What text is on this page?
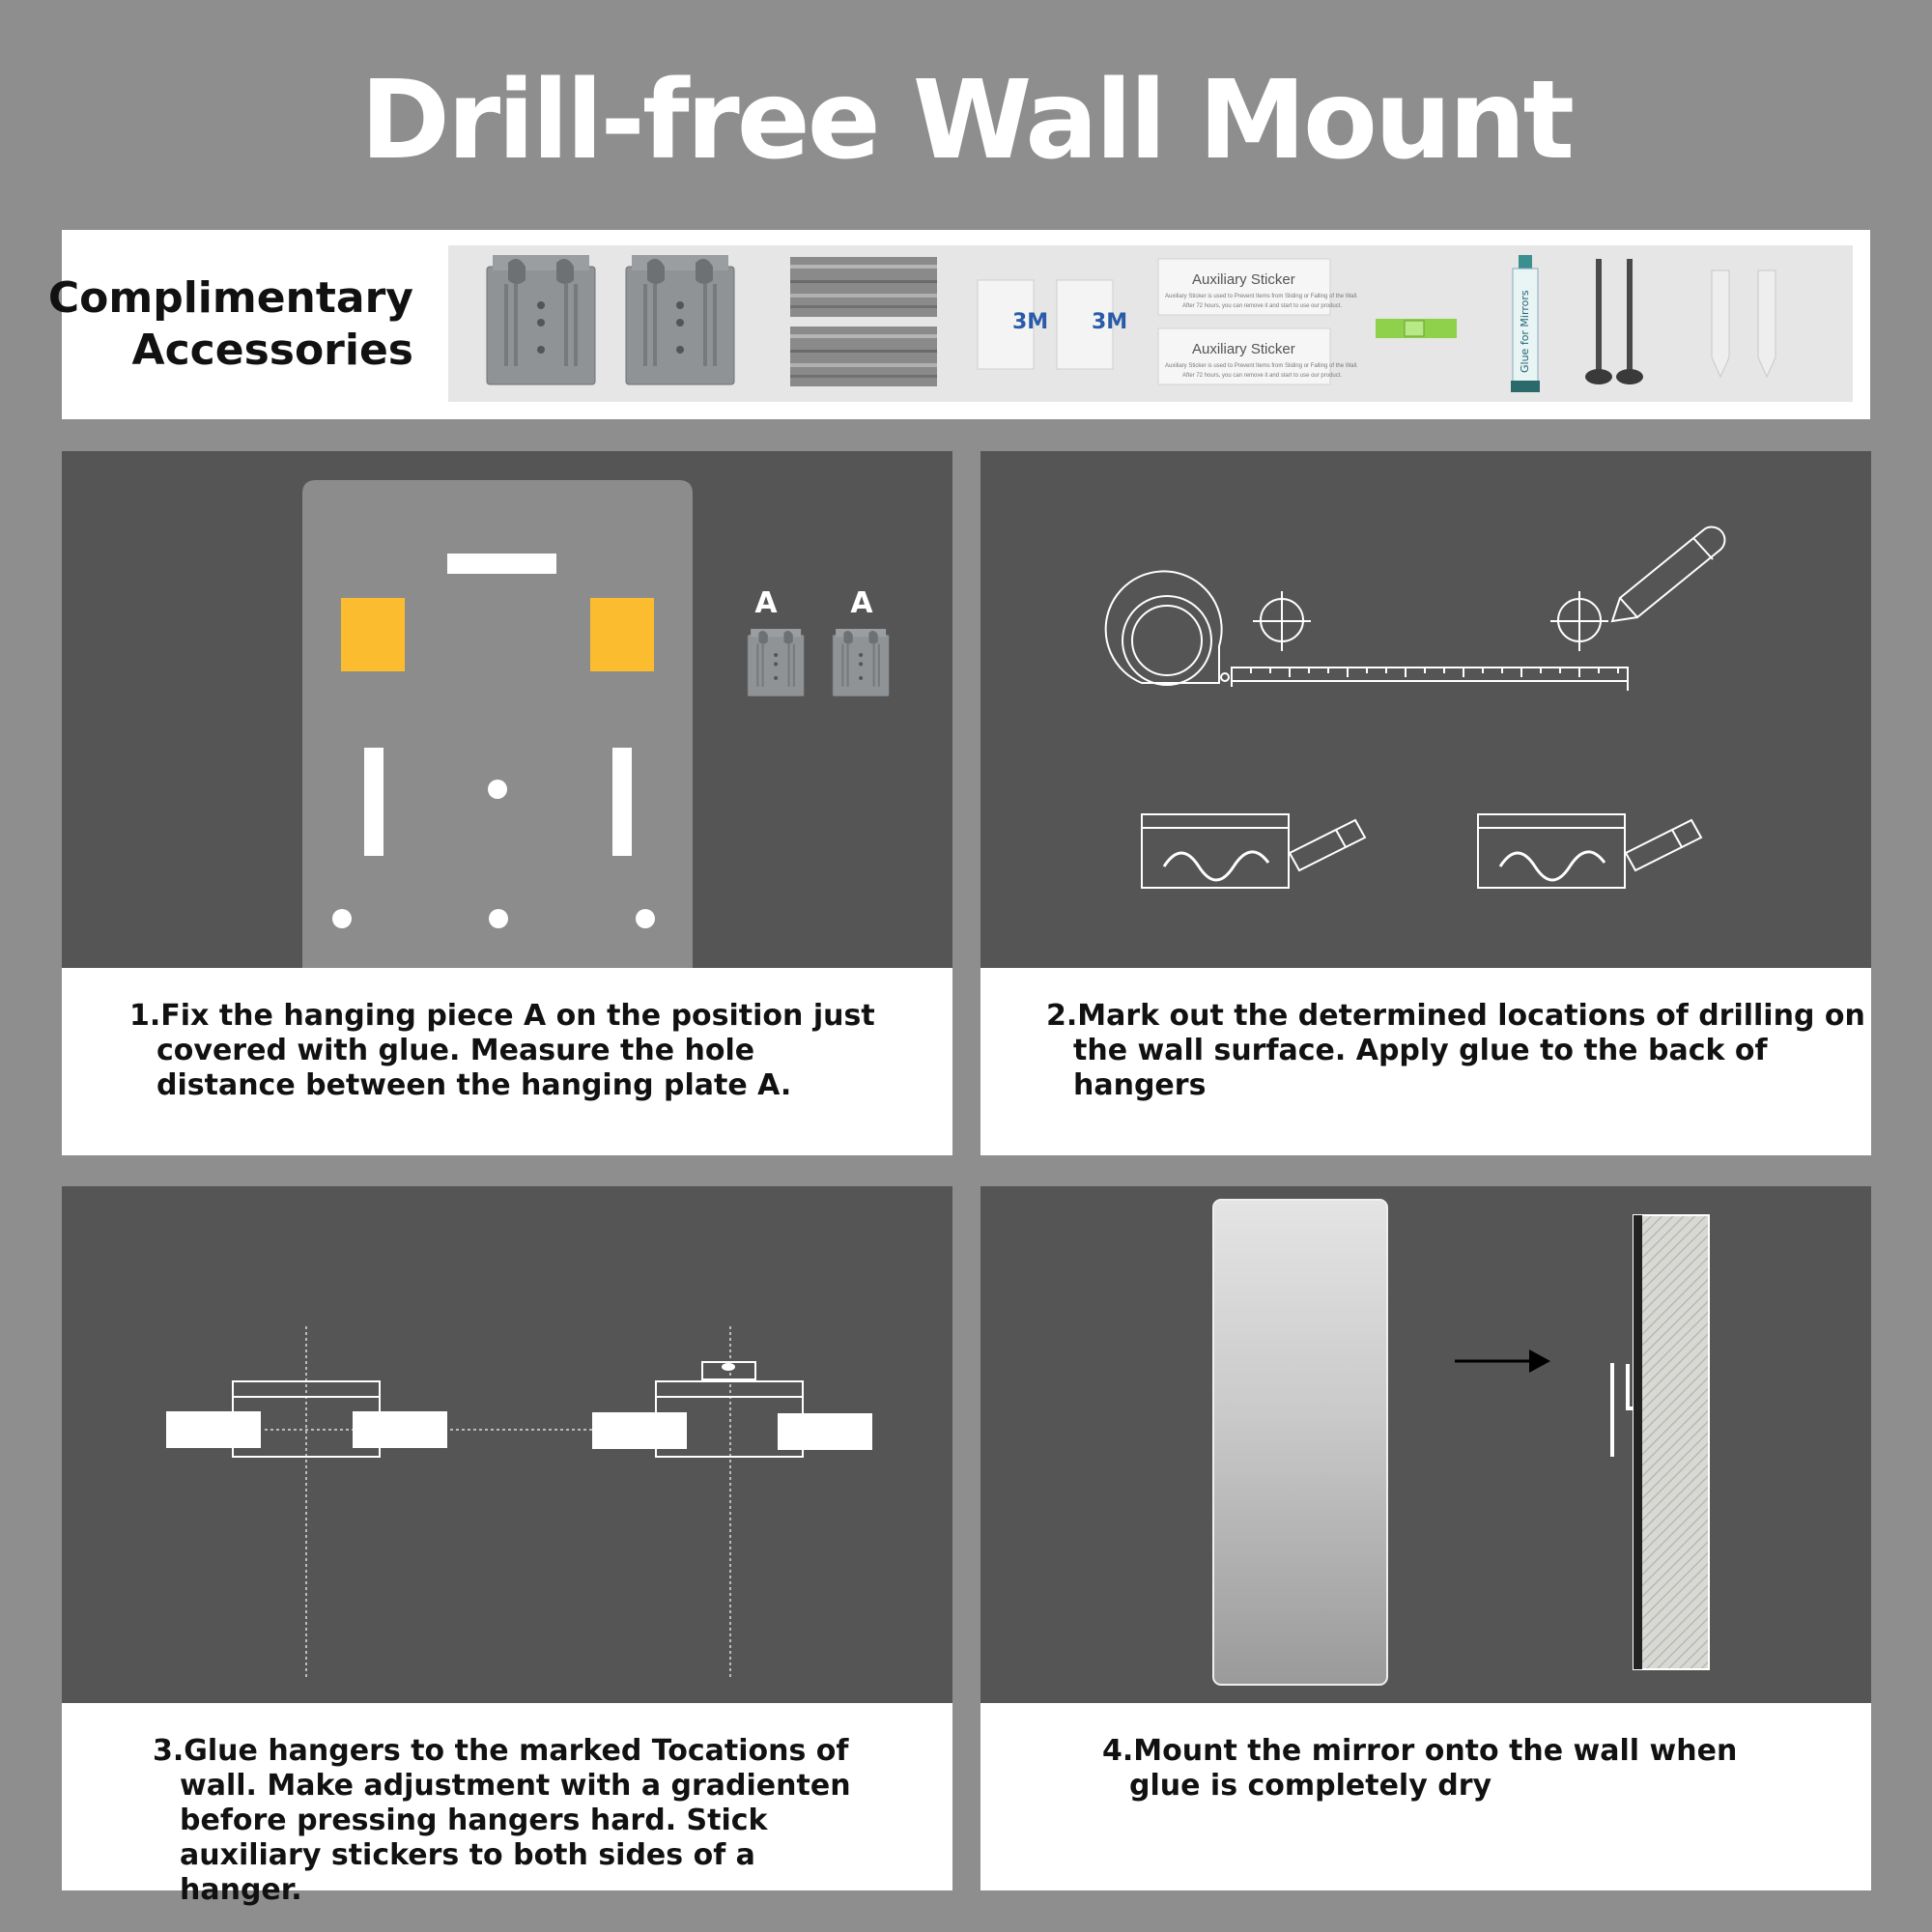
Drill-free Wall Mount
Complimentary
Accessories
3M 3M
Auxiliary Sticker
Auxiliary Sticker is used to Prevent Items from Sliding or Falling of the Wall.
After 72 hours, you can remove it and start to use our product.
Auxiliary Sticker
Auxiliary Sticker is used to Prevent Items from Sliding or Falling of the Wall.
After 72 hours, you can remove it and start to use our product.
Glue for Mirrors
A	A

1.Fix the hanging piece A on the position just covered with glue. Measure the hole distance between the hanging plate A.

2.Mark out the determined locations of drilling on the wall surface. Apply glue to the back of hangers

3.Glue hangers to the marked Tocations of wall. Make adjustment with a gradienten before pressing hangers hard. Stick auxiliary stickers to both sides of a hanger.

4.Mount the mirror onto the wall when glue is completely dry
